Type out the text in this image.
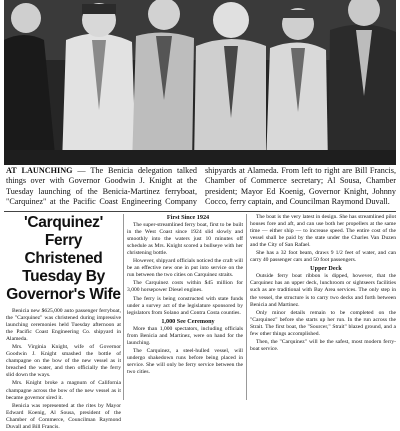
AT LAUNCHING — The Benicia delegation talked things over with Governor Goodwin J. Knight at the Tuesday launching of the Benicia-Martinez ferryboat, "Carquinez" at the Pacific Coast Engineering Company shipyards at Alameda. From left to right are Bill Francis, Chamber of Commerce secretary; Al Sousa, Chamber president; Mayor Ed Koenig, Governor Knight, Johnny Cocco, ferry captain, and Councilman Raymond Duvall.
'Carquinez' Ferry Christened Tuesday By Governor's Wife

Benicia new $625,000 auto passenger ferryboat, the "Carquinez" was christened during impressive launching ceremonies held Tuesday afternoon at the Pacific Coast Engineering Co. shipyard in Alameda.

Mrs. Virginia Knight, wife of Governor Goodwin J. Knight smashed the bottle of champagne on the bow of the new vessel as it breached the water, and then officially the ferry slid down the ways.

Mrs. Knight broke a magnum of California champagne across the bow of the new vessel as it became governor sired it.

Benicia was represented at the rites by Mayor Edward Koenig, Al Sousa, president of the Chamber of Commerce, Councilman Raymond Duvall and Bill Francis.

First Since 1924

The super-streamlined ferry boat, first to be built in the West Coast since 1924 slid slowly and smoothly into the waters just 10 minutes off schedule as Mrs. Knight scored a bullseye with her christening bottle.

However, shipyard officials noticed the craft will be an effective new one in put into service on the run between the two cities on Carquinez straits.

The Carquinez costs within $45 million for 3,000 horsepower Diesel engines.

The ferry is being constructed with state funds under a survey act of the legislature sponsored by legislators from Solano and Contra Costa counties.

1,000 See Ceremony

More than 1,000 spectators, including officials from Benicia and Martinez, were on hand for the launching.

The Carquinez, a steel-hulled vessel, will undergo shakedown runs before being placed in service. She will only be ferry service between the two cities.

The boat is the very latest in design. She has streamlined pilot houses fore and aft, and can use both her propellers at the same time — either ship — to increase speed. The entire cost of the vessel shall be paid by the state under the Charles Van Duzen and the City of San Rafael.

She has a 32 foot beam, draws 9 1/2 feet of water, and can carry 40 passenger cars and 50 foot passengers.

Upper Deck

Outside ferry boat ribbon is dipped, however, that the Carquinez has an upper deck, lunchroom or sightseers facilities such as are traditional with Bay Area services. The only step in the vessel, the structure is to carry two decks and forth between Benicia and Martinez.

Only minor details remain to be completed on the "Carquinez" before she starts up her run. In the run across the Strait. The first boat, the "Sourcer," Strait" blazed ground, and a few other things accomplished.

Then, the "Carquinez" will be the safest, most modern ferry-boat service.
